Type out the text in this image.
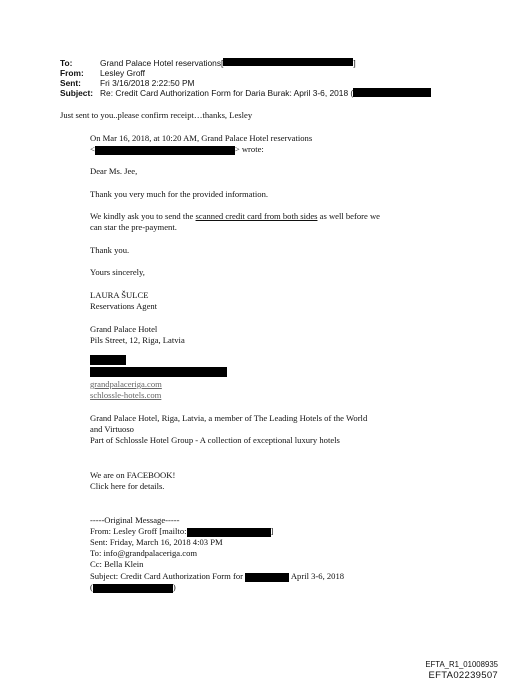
To:	Grand Palace Hotel reservations[	]
From:	Lesley Groff
Sent:	Fri 3/16/2018 2:22:50 PM
Subject: Re: Credit Card Authorization Form for Daria Burak: April 3-6, 2018 (
Just sent to you..please confirm receipt…thanks, Lesley
On Mar 16, 2018, at 10:20 AM, Grand Palace Hotel reservations
<	> wrote:
Dear Ms. Jee,
Thank you very much for the provided information.
We kindly ask you to send the scanned credit card from both sides as well before we
can star the pre-payment.
Thank you.
Yours sincerely,
LAURA ŠULCE
Reservations Agent
Grand Palace Hotel
Pils Street, 12, Riga, Latvia
grandpalaceriga.com
schlossle-hotels.com
Grand Palace Hotel, Riga, Latvia, a member of The Leading Hotels of the World
and Virtuoso
Part of Schlossle Hotel Group - A collection of exceptional luxury hotels
We are on FACEBOOK!
Click here for details.
-----Original Message-----
From: Lesley Groff [mailto:	]
Sent: Friday, March 16, 2018 4:03 PM
To: info@grandpalaceriga.com
Cc: Bella Klein
Subject: Credit Card Authorization Form for	April 3-6, 2018
(	)
EFTA_R1_01008935
EFTA02239507
